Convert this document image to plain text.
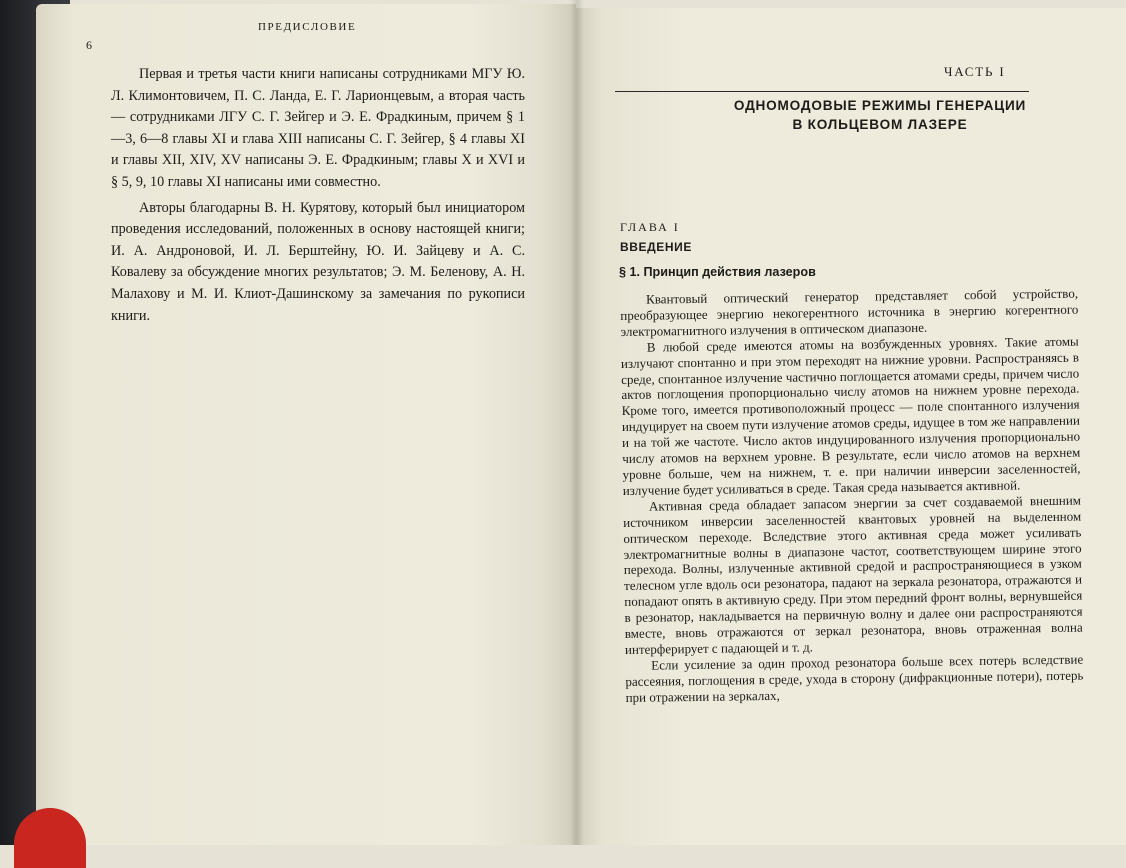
6
ПРЕДИСЛОВИЕ

Первая и третья части книги написаны сотрудниками МГУ Ю. Л. Климонтовичем, П. С. Ланда, Е. Г. Ларионцевым, а вторая часть — сотрудниками ЛГУ С. Г. Зейгер и Э. Е. Фрадкиным, причем § 1—3, 6—8 главы XI и глава XIII написаны С. Г. Зейгер, § 4 главы XI и главы XII, XIV, XV написаны Э. Е. Фрадкиным; главы X и XVI и § 5, 9, 10 главы XI написаны ими совместно.

Авторы благодарны В. Н. Курятову, который был инициатором проведения исследований, положенных в основу настоящей книги; И. А. Андроновой, И. Л. Берштейну, Ю. И. Зайцеву и А. С. Ковалеву за обсуждение многих результатов; Э. М. Беленову, А. Н. Малахову и М. И. Клиот-Дашинскому за замечания по рукописи книги.

ЧАСТЬ I
ОДНОМОДОВЫЕ РЕЖИМЫ ГЕНЕРАЦИИ
В КОЛЬЦЕВОМ ЛАЗЕРЕ
ГЛАВА I
ВВЕДЕНИЕ
§ 1. Принцип действия лазеров

Квантовый оптический генератор представляет собой устройство, преобразующее энергию некогерентного источника в энергию когерентного электромагнитного излучения в оптическом диапазоне.

В любой среде имеются атомы на возбужденных уровнях. Такие атомы излучают спонтанно и при этом переходят на нижние уровни. Распространяясь в среде, спонтанное излучение частично поглощается атомами среды, причем число актов поглощения пропорционально числу атомов на нижнем уровне перехода. Кроме того, имеется противоположный процесс — поле спонтанного излучения индуцирует на своем пути излучение атомов среды, идущее в том же направлении и на той же частоте. Число актов индуцированного излучения пропорционально числу атомов на верхнем уровне. В результате, если число атомов на верхнем уровне больше, чем на нижнем, т. е. при наличии инверсии заселенностей, излучение будет усиливаться в среде. Такая среда называется активной.

Активная среда обладает запасом энергии за счет создаваемой внешним источником инверсии заселенностей квантовых уровней на выделенном оптическом переходе. Вследствие этого активная среда может усиливать электромагнитные волны в диапазоне частот, соответствующем ширине этого перехода. Волны, излученные активной средой и распространяющиеся в узком телесном угле вдоль оси резонатора, падают на зеркала резонатора, отражаются и попадают опять в активную среду. При этом передний фронт волны, вернувшейся в резонатор, накладывается на первичную волну и далее они распространяются вместе, вновь отражаются от зеркал резонатора, вновь отраженная волна интерферирует с падающей и т. д.

Если усиление за один проход резонатора больше всех потерь вследствие рассеяния, поглощения в среде, ухода в сторону (дифракционные потери), потерь при отражении на зеркалах,
